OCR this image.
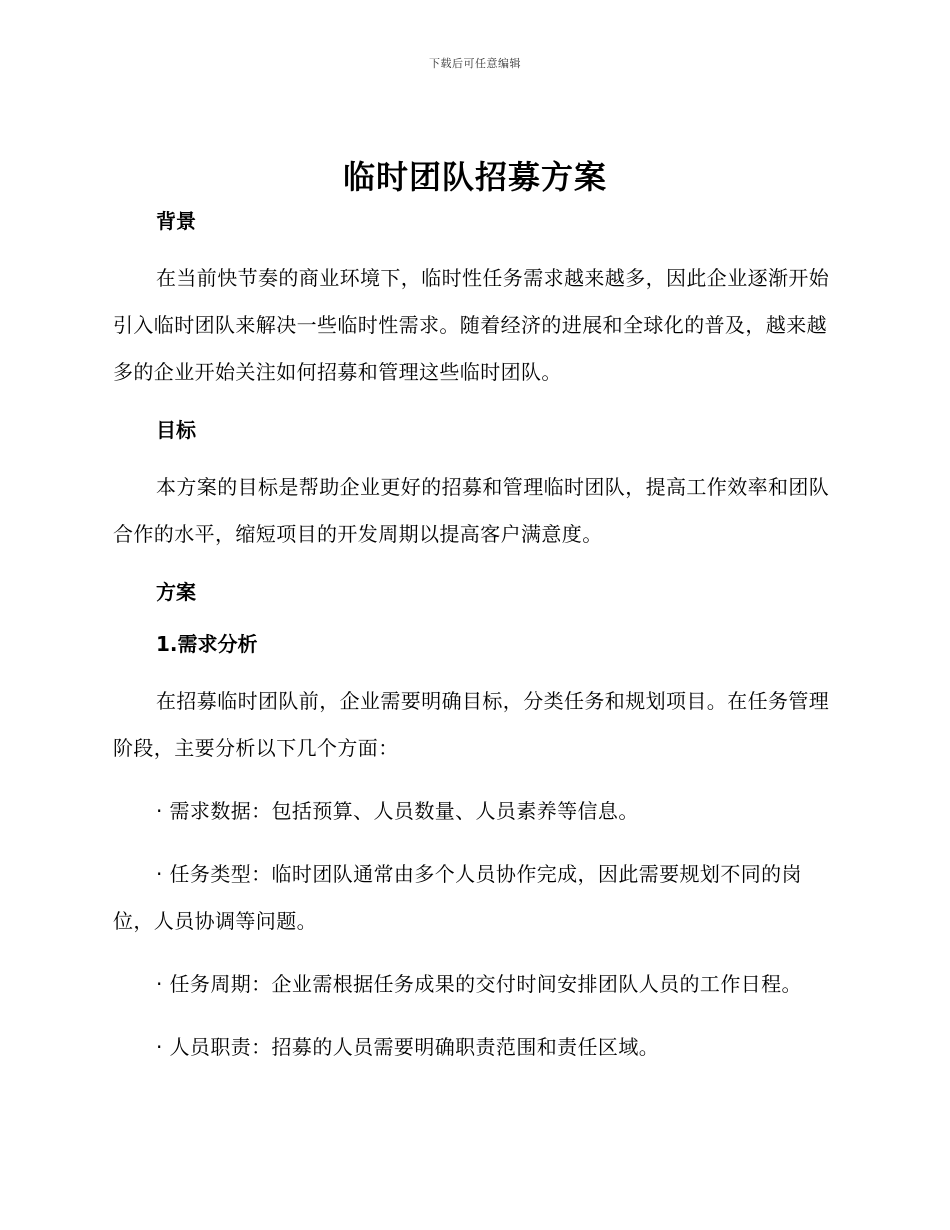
下载后可任意编辑
临时团队招募方案
背景

在当前快节奏的商业环境下，临时性任务需求越来越多，因此企业逐渐开始引入临时团队来解决一些临时性需求。随着经济的进展和全球化的普及，越来越多的企业开始关注如何招募和管理这些临时团队。

目标

本方案的目标是帮助企业更好的招募和管理临时团队，提高工作效率和团队合作的水平，缩短项目的开发周期以提高客户满意度。

方案
1.需求分析

在招募临时团队前，企业需要明确目标，分类任务和规划项目。在任务管理阶段，主要分析以下几个方面：

· 需求数据：包括预算、人员数量、人员素养等信息。

· 任务类型：临时团队通常由多个人员协作完成，因此需要规划不同的岗位，人员协调等问题。

· 任务周期：企业需根据任务成果的交付时间安排团队人员的工作日程。

· 人员职责：招募的人员需要明确职责范围和责任区域。
